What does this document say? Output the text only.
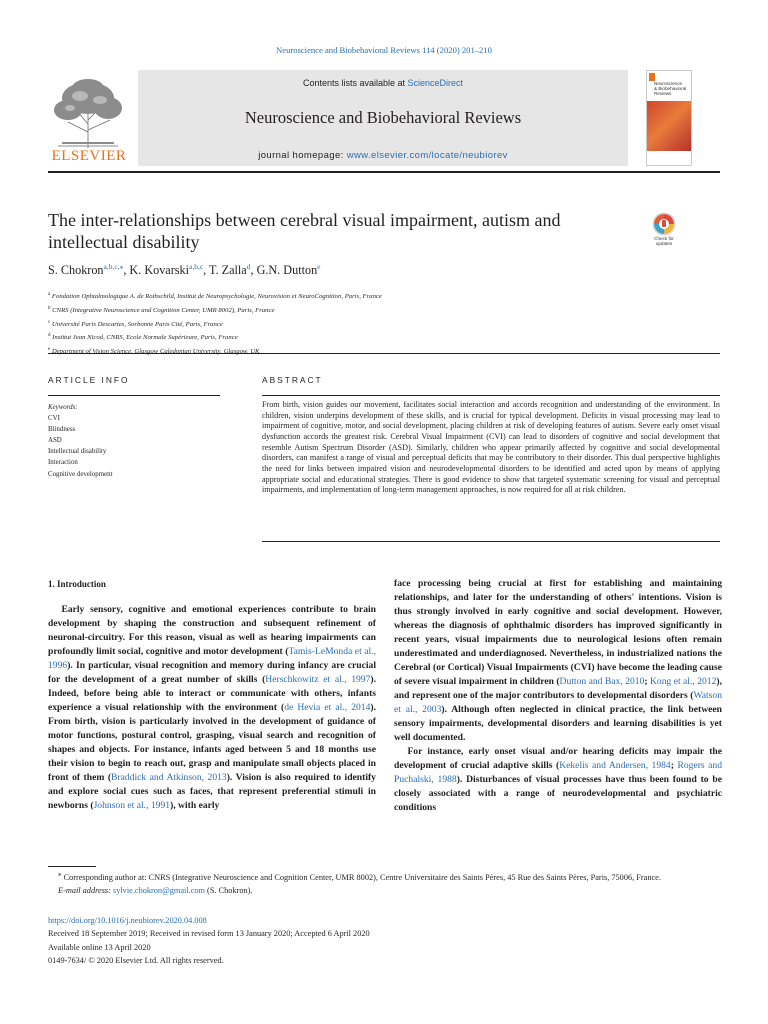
Neuroscience and Biobehavioral Reviews 114 (2020) 201–210
ELSEVIER
Contents lists available at ScienceDirect
Neuroscience and Biobehavioral Reviews
journal homepage: www.elsevier.com/locate/neubiorev
Neuroscience
& Biobehavioral
Reviews
The inter-relationships between cerebral visual impairment, autism and
intellectual disability	Check for
updates
S. Chokron$^{a,b,c,⁎}$, K. Kovarski$^{a,b,c}$, T. Zalla$^d$, G.N. Dutton$^e$
$^a$ Fondation Ophtalmologique A. de Rothschild, Institut de Neuropsychologie, Neurovision et NeuroCognition, Paris, France
$^b$ CNRS (Integrative Neuroscience and Cognition Center, UMR 8002), Paris, France
$^c$ Université Paris Descartes, Sorbonne Paris Cité, Paris, France
$^d$ Institut Jean Nicod, CNRS, Ecole Normale Supérieure, Paris, France
$^e$
ARTICLE INFO	ABSTRACT
Keywords:
CVI
Blindness
ASD
Intellectual disability
Interaction
Cognitive development
From birth, vision guides our movement, facilitates social interaction and accords recognition and understanding of the environment. In children, vision underpins development of these skills, and is crucial for typical development. Deficits in visual processing may lead to impairment of cognitive, motor, and social development, placing children at risk of developing features of autism. Severe early onset visual dysfunction accords the greatest risk. Cerebral Visual Impairment (CVI) can lead to disorders of cognitive and social development that resemble Autism Spectrum Disorder (ASD). Similarly, children who appear primarily affected by cognitive and social developmental disorders, can manifest a range of visual and perceptual deficits that may be contributory to their disorder. This dual perspective highlights the need for links between impaired vision and neurodevelopmental disorders to be identified and acted upon by means of applying appropriate social and educational strategies. There is good evidence to show that targeted systematic screening for visual and perceptual impairments, and implementation of long-term management approaches, is now required for all at risk children.
1. Introduction

Early sensory, cognitive and emotional experiences contribute to brain development by shaping the construction and subsequent refinement of neuronal-circuitry. For this reason, visual as well as hearing impairments can profoundly limit social, cognitive and motor development (Tamis-LeMonda et al., 1996). In particular, visual recognition and memory during infancy are crucial for the development of a great number of skills (Herschkowitz et al., 1997). Indeed, before being able to interact or communicate with others, infants experience a visual relationship with the environment (de Hevia et al., 2014). From birth, vision is particularly involved in the development of guidance of motor functions, postural control, grasping, visual search and recognition of shapes and objects. For instance, infants aged between 5 and 18 months use their vision to begin to reach out, grasp and manipulate small objects placed in front of them (Braddick and Atkinson, 2013). Vision is also required to identify and explore social cues such as faces, that represent preferential stimuli in newborns (Johnson et al., 1991), with early

face processing being crucial at first for establishing and maintaining relationships, and later for the understanding of others' intentions. Vision is thus strongly involved in early cognitive and social development. However, whereas the diagnosis of ophthalmic disorders has improved significantly in recent years, visual impairments due to neurological lesions often remain underestimated and underdiagnosed. Nevertheless, in industrialized nations the Cerebral (or Cortical) Visual Impairments (CVI) have become the leading cause of severe visual impairment in children (Dutton and Bax, 2010; Kong et al., 2012), and represent one of the major contributors to developmental disorders (Watson et al., 2003). Although often neglected in clinical practice, the link between sensory impairments, developmental disorders and learning disabilities is yet well documented.

For instance, early onset visual and/or hearing deficits may impair the development of crucial adaptive skills (Kekelis and Andersen, 1984; Rogers and Puchalski, 1988). Disturbances of visual processes have thus been found to be closely associated with a range of neurodevelopmental and psychiatric conditions

⁎ Corresponding author at: CNRS (Integrative Neuroscience and Cognition Center, UMR 8002), Centre Universitaire des Saints Pères, 45 Rue des Saints Pères, Paris, 75006, France.
E-mail address: sylvie.chokron@gmail.com (S. Chokron).
https://doi.org/10.1016/j.neubiorev.2020.04.008
Received 18 September 2019; Received in revised form 13 January 2020; Accepted 6 April 2020
Available online 13 April 2020
0149-7634/ © 2020 Elsevier Ltd. All rights reserved.
